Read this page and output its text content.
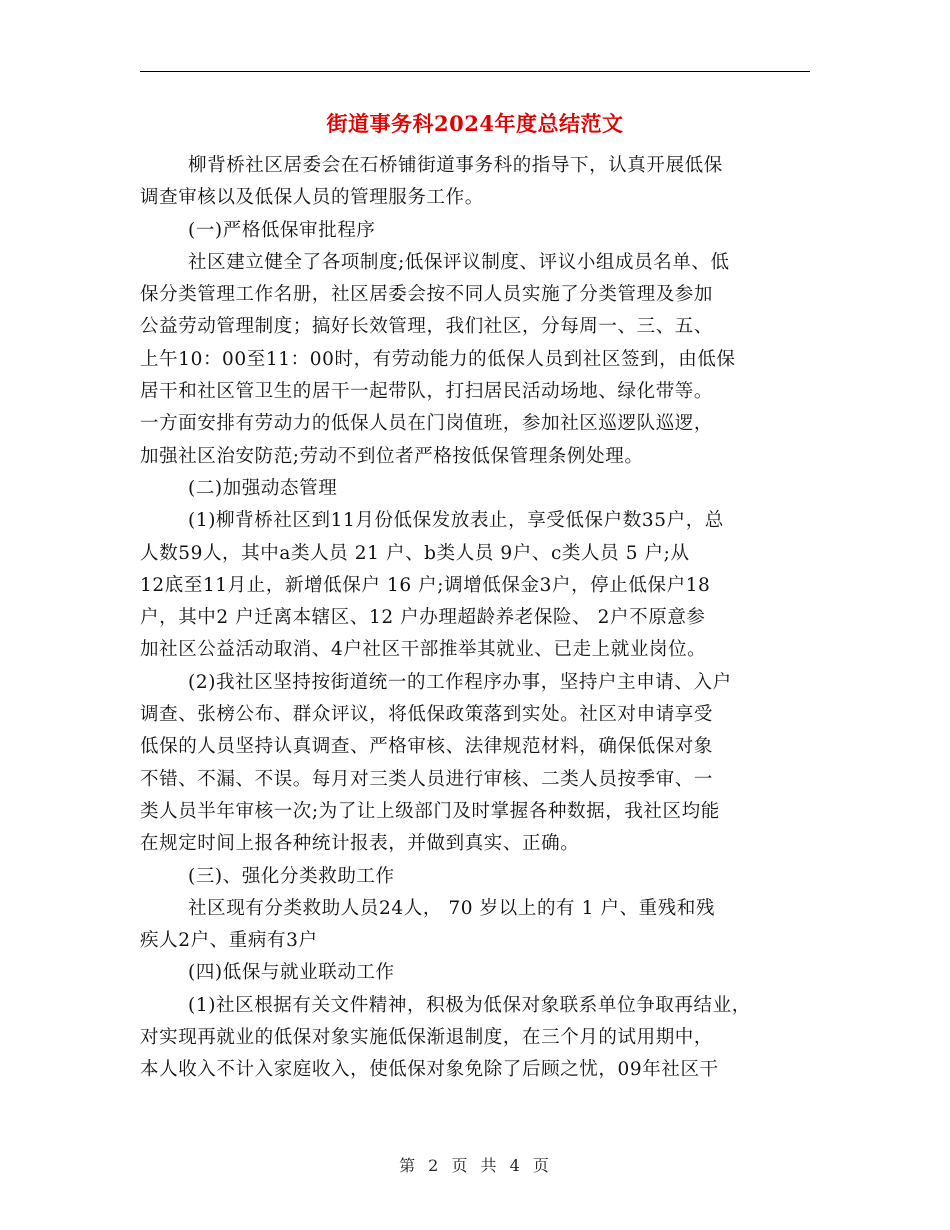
街道事务科2024年度总结范文
柳背桥社区居委会在石桥铺街道事务科的指导下，认真开展低保
调查审核以及低保人员的管理服务工作。
(一)严格低保审批程序
社区建立健全了各项制度;低保评议制度、评议小组成员名单、低
保分类管理工作名册，社区居委会按不同人员实施了分类管理及参加
公益劳动管理制度；搞好长效管理，我们社区，分每周一、三、五、
上午10：00至11：00时，有劳动能力的低保人员到社区签到，由低保
居干和社区管卫生的居干一起带队，打扫居民活动场地、绿化带等。
一方面安排有劳动力的低保人员在门岗值班，参加社区巡逻队巡逻，
加强社区治安防范;劳动不到位者严格按低保管理条例处理。
(二)加强动态管理
(1)柳背桥社区到11月份低保发放表止，享受低保户数35户，总
人数59人，其中a类人员 21 户、b类人员 9户、c类人员 5 户;从
12底至11月止，新增低保户 16 户;调增低保金3户，停止低保户18
户，其中2 户迁离本辖区、12 户办理超龄养老保险、 2户不原意参
加社区公益活动取消、4户社区干部推举其就业、已走上就业岗位。
(2)我社区坚持按街道统一的工作程序办事，坚持户主申请、入户
调查、张榜公布、群众评议，将低保政策落到实处。社区对申请享受
低保的人员坚持认真调查、严格审核、法律规范材料，确保低保对象
不错、不漏、不误。每月对三类人员进行审核、二类人员按季审、一
类人员半年审核一次;为了让上级部门及时掌握各种数据，我社区均能
在规定时间上报各种统计报表，并做到真实、正确。
(三)、强化分类救助工作
社区现有分类救助人员24人， 70 岁以上的有 1 户、重残和残
疾人2户、重病有3户
(四)低保与就业联动工作
(1)社区根据有关文件精神，积极为低保对象联系单位争取再结业，
对实现再就业的低保对象实施低保渐退制度，在三个月的试用期中，
本人收入不计入家庭收入，使低保对象免除了后顾之忧，09年社区干
第 2 页 共 4 页
